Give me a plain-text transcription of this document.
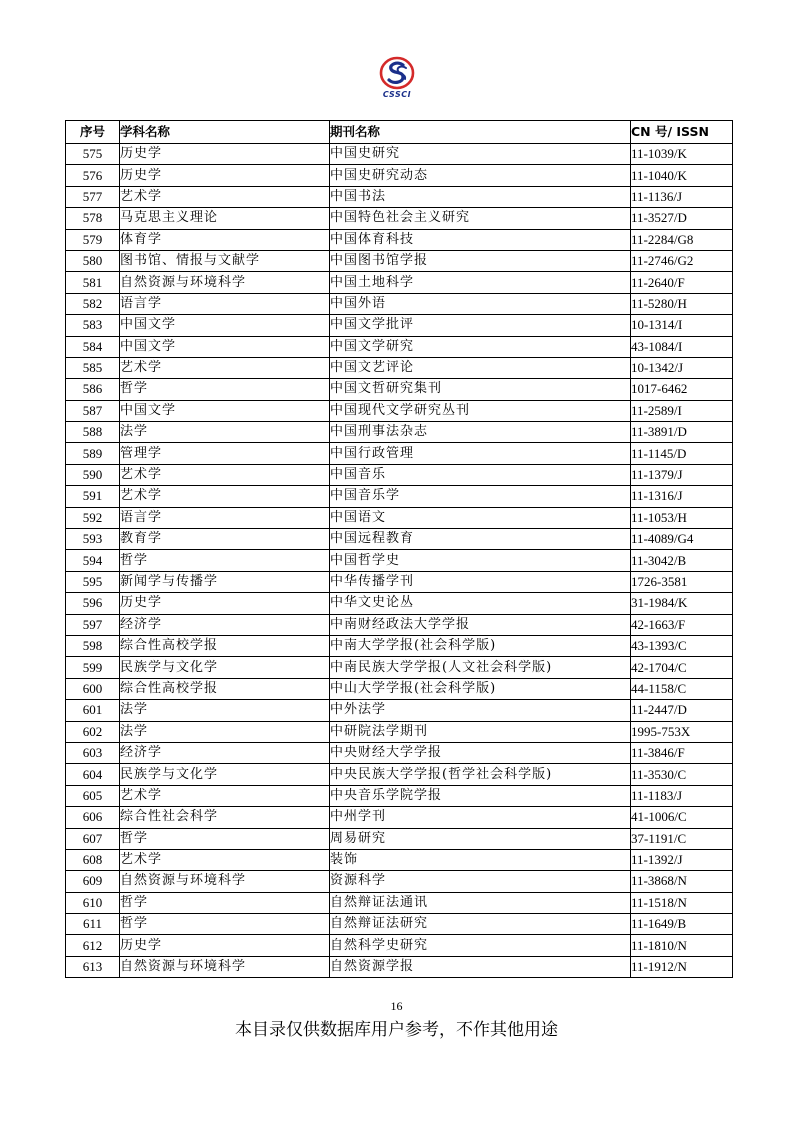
CSSCI
序号	学科名称	期刊名称	CN 号/ ISSN
575	历史学	中国史研究	11-1039/K
576	历史学	中国史研究动态	11-1040/K
577	艺术学	中国书法	11-1136/J
578	马克思主义理论	中国特色社会主义研究	11-3527/D
579	体育学	中国体育科技	11-2284/G8
580	图书馆、情报与文献学	中国图书馆学报	11-2746/G2
581	自然资源与环境科学	中国土地科学	11-2640/F
582	语言学	中国外语	11-5280/H
583	中国文学	中国文学批评	10-1314/I
584	中国文学	中国文学研究	43-1084/I
585	艺术学	中国文艺评论	10-1342/J
586	哲学	中国文哲研究集刊	1017-6462
587	中国文学	中国现代文学研究丛刊	11-2589/I
588	法学	中国刑事法杂志	11-3891/D
589	管理学	中国行政管理	11-1145/D
590	艺术学	中国音乐	11-1379/J
591	艺术学	中国音乐学	11-1316/J
592	语言学	中国语文	11-1053/H
593	教育学	中国远程教育	11-4089/G4
594	哲学	中国哲学史	11-3042/B
595	新闻学与传播学	中华传播学刊	1726-3581
596	历史学	中华文史论丛	31-1984/K
597	经济学	中南财经政法大学学报	42-1663/F
598	综合性高校学报	中南大学学报(社会科学版)	43-1393/C
599	民族学与文化学	中南民族大学学报(人文社会科学版)	42-1704/C
600	综合性高校学报	中山大学学报(社会科学版)	44-1158/C
601	法学	中外法学	11-2447/D
602	法学	中研院法学期刊	1995-753X
603	经济学	中央财经大学学报	11-3846/F
604	民族学与文化学	中央民族大学学报(哲学社会科学版)	11-3530/C
605	艺术学	中央音乐学院学报	11-1183/J
606	综合性社会科学	中州学刊	41-1006/C
607	哲学	周易研究	37-1191/C
608	艺术学	装饰	11-1392/J
609	自然资源与环境科学	资源科学	11-3868/N
610	哲学	自然辩证法通讯	11-1518/N
611	哲学	自然辩证法研究	11-1649/B
612	历史学	自然科学史研究	11-1810/N
613	自然资源与环境科学	自然资源学报	11-1912/N
16
本目录仅供数据库用户参考，不作其他用途
